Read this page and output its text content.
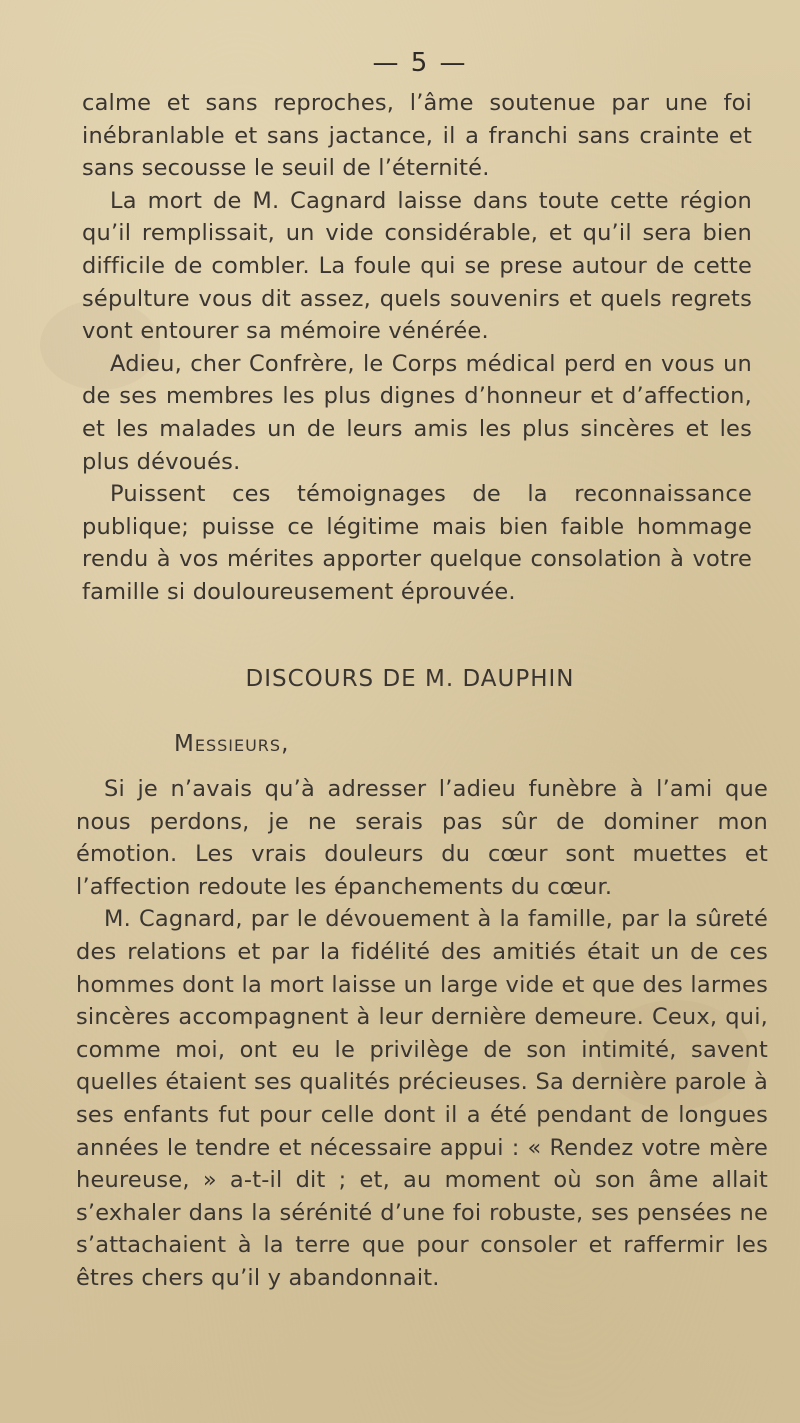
— 5 —

calme et sans reproches, l’âme soutenue par une foi inébranlable et sans jactance, il a franchi sans crainte et sans secousse le seuil de l’éternité.

La mort de M. Cagnard laisse dans toute cette région qu’il remplissait, un vide considérable, et qu’il sera bien difficile de combler. La foule qui se prese autour de cette sépulture vous dit assez, quels souvenirs et quels regrets vont entourer sa mémoire vénérée.

Adieu, cher Confrère, le Corps médical perd en vous un de ses membres les plus dignes d’honneur et d’affection, et les malades un de leurs amis les plus sincères et les plus dévoués.

Puissent ces témoignages de la reconnaissance publique; puisse ce légitime mais bien faible hommage rendu à vos mérites apporter quelque consolation à votre famille si douloureusement éprouvée.

DISCOURS DE M. DAUPHIN
Messieurs,

Si je n’avais qu’à adresser l’adieu funèbre à l’ami que nous perdons, je ne serais pas sûr de dominer mon émotion. Les vrais douleurs du cœur sont muettes et l’affection redoute les épanchements du cœur.

M. Cagnard, par le dévouement à la famille, par la sûreté des relations et par la fidélité des amitiés était un de ces hommes dont la mort laisse un large vide et que des larmes sincères accompagnent à leur dernière demeure. Ceux, qui, comme moi, ont eu le privilège de son intimité, savent quelles étaient ses qualités précieuses. Sa dernière parole à ses enfants fut pour celle dont il a été pendant de longues années le tendre et nécessaire appui : « Rendez votre mère heureuse, » a-t-il dit ; et, au moment où son âme allait s’exhaler dans la sérénité d’une foi robuste, ses pensées ne s’attachaient à la terre que pour consoler et raffermir les êtres chers qu’il y abandonnait.
